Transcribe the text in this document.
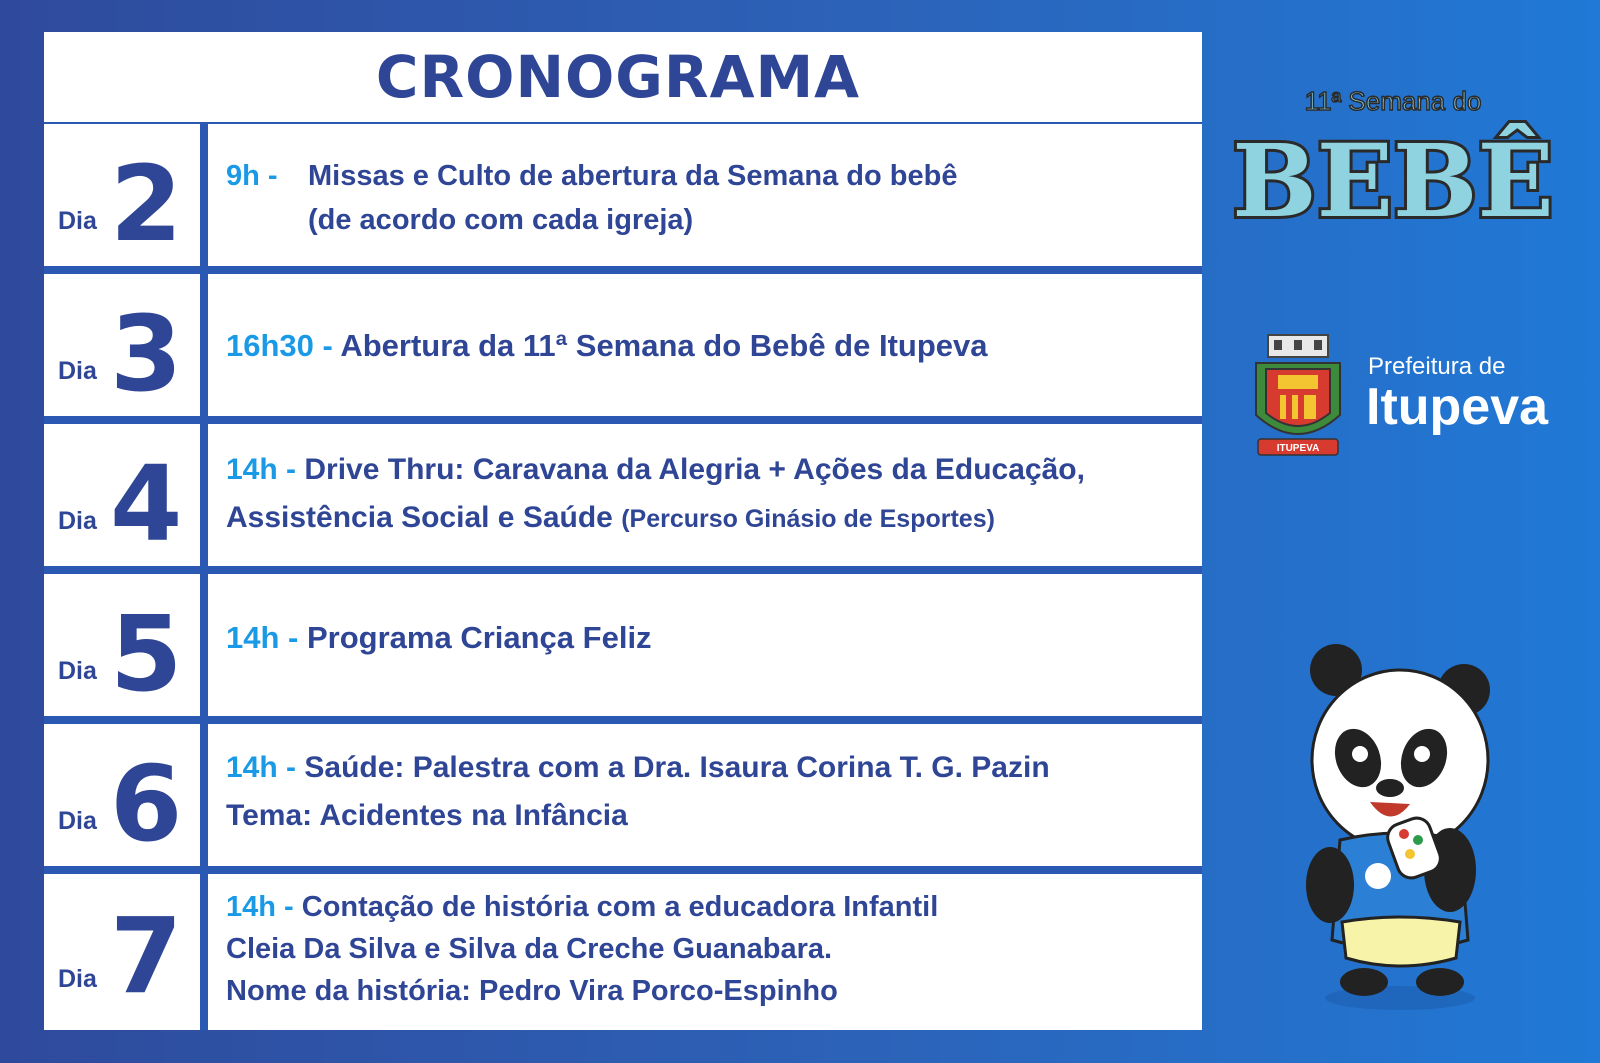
CRONOGRAMA
Dia 2 9h - Missas e Culto de abertura da Semana do bebê
(de acordo com cada igreja)
Dia 3 16h30 - Abertura da 11ª Semana do Bebê de Itupeva
Dia 4 14h - Drive Thru: Caravana da Alegria + Ações da Educação,
Assistência Social e Saúde (Percurso Ginásio de Esportes)
Dia 5 14h - Programa Criança Feliz
Dia 6 14h - Saúde: Palestra com a Dra. Isaura Corina T. G. Pazin
Tema: Acidentes na Infância
Dia 7 14h - Contação de história com a educadora Infantil
Cleia Da Silva e Silva da Creche Guanabara.
Nome da história: Pedro Vira Porco-Espinho
11ª Semana do
BEBÊ
ITUPEVA
Prefeitura de
Itupeva
